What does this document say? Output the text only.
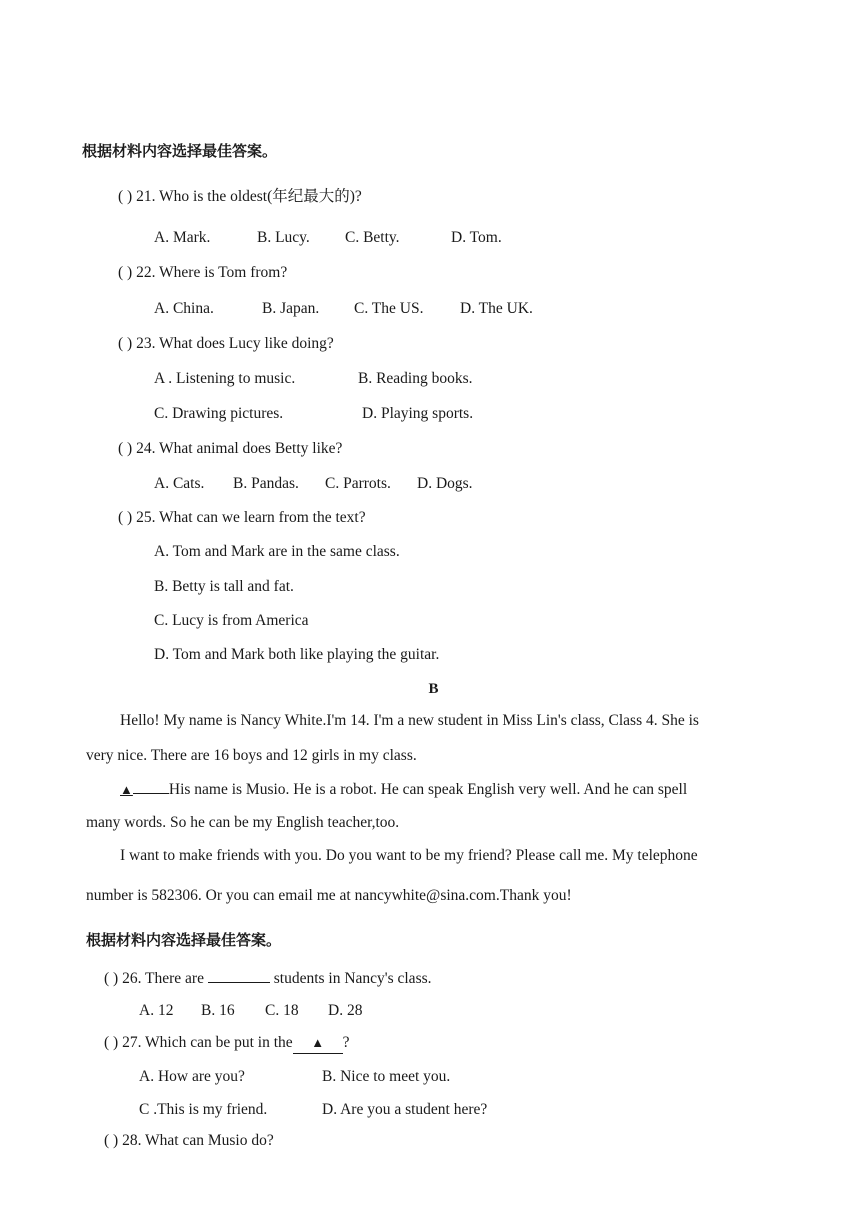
根据材料内容选择最佳答案。
( ) 21. Who is the oldest(年纪最大的)?
A. Mark.	B. Lucy. C. Betty.	D. Tom.
( ) 22. Where is Tom from?
A. China.	B. Japan. C. The US. D. The UK.
( ) 23. What does Lucy like doing?
A . Listening to music.	B. Reading books.
C. Drawing pictures.	D. Playing sports.
( ) 24. What animal does Betty like?
A. Cats. B. Pandas. C. Parrots. D. Dogs.
( ) 25. What can we learn from the text?
A. Tom and Mark are in the same class.
B. Betty is tall and fat.
C. Lucy is from America
D. Tom and Mark both like playing the guitar.
B
Hello! My name is Nancy White.I'm 14. I'm a new student in Miss Lin's class, Class 4. She is
very nice. There are 16 boys and 12 girls in my class.
▲ His name is Musio. He is a robot. He can speak English very well. And he can spell
many words. So he can be my English teacher,too.
I want to make friends with you. Do you want to be my friend? Please call me. My telephone
number is 582306. Or you can email me at nancywhite@sina.com.Thank you!
根据材料内容选择最佳答案。
( ) 26. There are	students in Nancy's class.
A. 12 B. 16 C. 18 D. 28
( ) 27. Which can be put in the ▲ ?
A. How are you?	B. Nice to meet you.
C .This is my friend.	D. Are you a student here?
( ) 28. What can Musio do?
